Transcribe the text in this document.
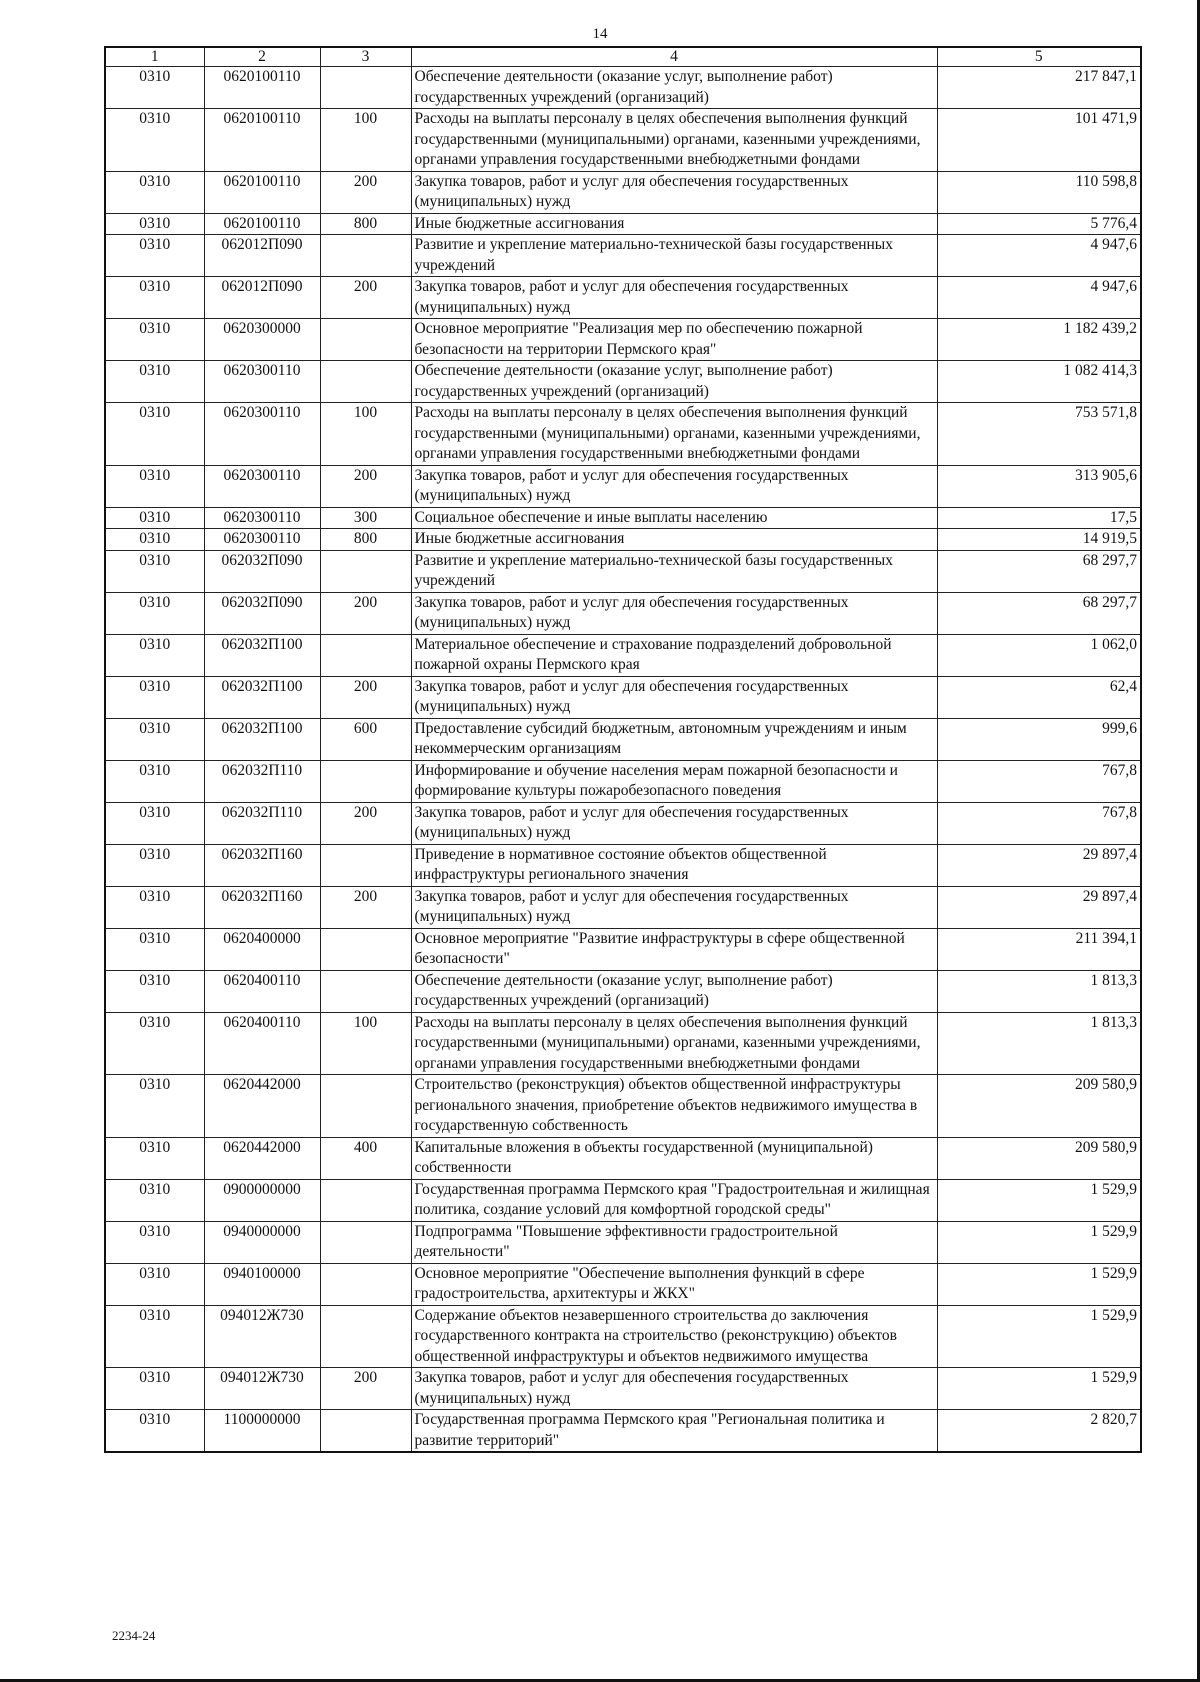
14
1	2	3	4	5
0310	0620100110		Обеспечение деятельности (оказание услуг, выполнение работ) государственных учреждений (организаций)	217 847,1
0310	0620100110	100	Расходы на выплаты персоналу в целях обеспечения выполнения функций государственными (муниципальными) органами, казенными учреждениями, органами управления государственными внебюджетными фондами	101 471,9
0310	0620100110	200	Закупка товаров, работ и услуг для обеспечения государственных (муниципальных) нужд	110 598,8
0310	0620100110	800	Иные бюджетные ассигнования	5 776,4
0310	062012П090		Развитие и укрепление материально-технической базы государственных учреждений	4 947,6
0310	062012П090	200	Закупка товаров, работ и услуг для обеспечения государственных (муниципальных) нужд	4 947,6
0310	0620300000		Основное мероприятие "Реализация мер по обеспечению пожарной безопасности на территории Пермского края"	1 182 439,2
0310	0620300110		Обеспечение деятельности (оказание услуг, выполнение работ) государственных учреждений (организаций)	1 082 414,3
0310	0620300110	100	Расходы на выплаты персоналу в целях обеспечения выполнения функций государственными (муниципальными) органами, казенными учреждениями, органами управления государственными внебюджетными фондами	753 571,8
0310	0620300110	200	Закупка товаров, работ и услуг для обеспечения государственных (муниципальных) нужд	313 905,6
0310	0620300110	300	Социальное обеспечение и иные выплаты населению	17,5
0310	0620300110	800	Иные бюджетные ассигнования	14 919,5
0310	062032П090		Развитие и укрепление материально-технической базы государственных учреждений	68 297,7
0310	062032П090	200	Закупка товаров, работ и услуг для обеспечения государственных (муниципальных) нужд	68 297,7
0310	062032П100		Материальное обеспечение и страхование подразделений добровольной пожарной охраны Пермского края	1 062,0
0310	062032П100	200	Закупка товаров, работ и услуг для обеспечения государственных (муниципальных) нужд	62,4
0310	062032П100	600	Предоставление субсидий бюджетным, автономным учреждениям и иным некоммерческим организациям	999,6
0310	062032П110		Информирование и обучение населения мерам пожарной безопасности и формирование культуры пожаробезопасного поведения	767,8
0310	062032П110	200	Закупка товаров, работ и услуг для обеспечения государственных (муниципальных) нужд	767,8
0310	062032П160		Приведение в нормативное состояние объектов общественной инфраструктуры регионального значения	29 897,4
0310	062032П160	200	Закупка товаров, работ и услуг для обеспечения государственных (муниципальных) нужд	29 897,4
0310	0620400000		Основное мероприятие "Развитие инфраструктуры в сфере общественной безопасности"	211 394,1
0310	0620400110		Обеспечение деятельности (оказание услуг, выполнение работ) государственных учреждений (организаций)	1 813,3
0310	0620400110	100	Расходы на выплаты персоналу в целях обеспечения выполнения функций государственными (муниципальными) органами, казенными учреждениями, органами управления государственными внебюджетными фондами	1 813,3
0310	0620442000		Строительство (реконструкция) объектов общественной инфраструктуры регионального значения, приобретение объектов недвижимого имущества в государственную собственность	209 580,9
0310	0620442000	400	Капитальные вложения в объекты государственной (муниципальной) собственности	209 580,9
0310	0900000000		Государственная программа Пермского края "Градостроительная и жилищная политика, создание условий для комфортной городской среды"	1 529,9
0310	0940000000		Подпрограмма "Повышение эффективности градостроительной деятельности"	1 529,9
0310	0940100000		Основное мероприятие "Обеспечение выполнения функций в сфере градостроительства, архитектуры и ЖКХ"	1 529,9
0310	094012Ж730		Содержание объектов незавершенного строительства до заключения государственного контракта на строительство (реконструкцию) объектов общественной инфраструктуры и объектов недвижимого имущества	1 529,9
0310	094012Ж730	200	Закупка товаров, работ и услуг для обеспечения государственных (муниципальных) нужд	1 529,9
0310	1100000000		Государственная программа Пермского края "Региональная политика и развитие территорий"	2 820,7
2234-24
